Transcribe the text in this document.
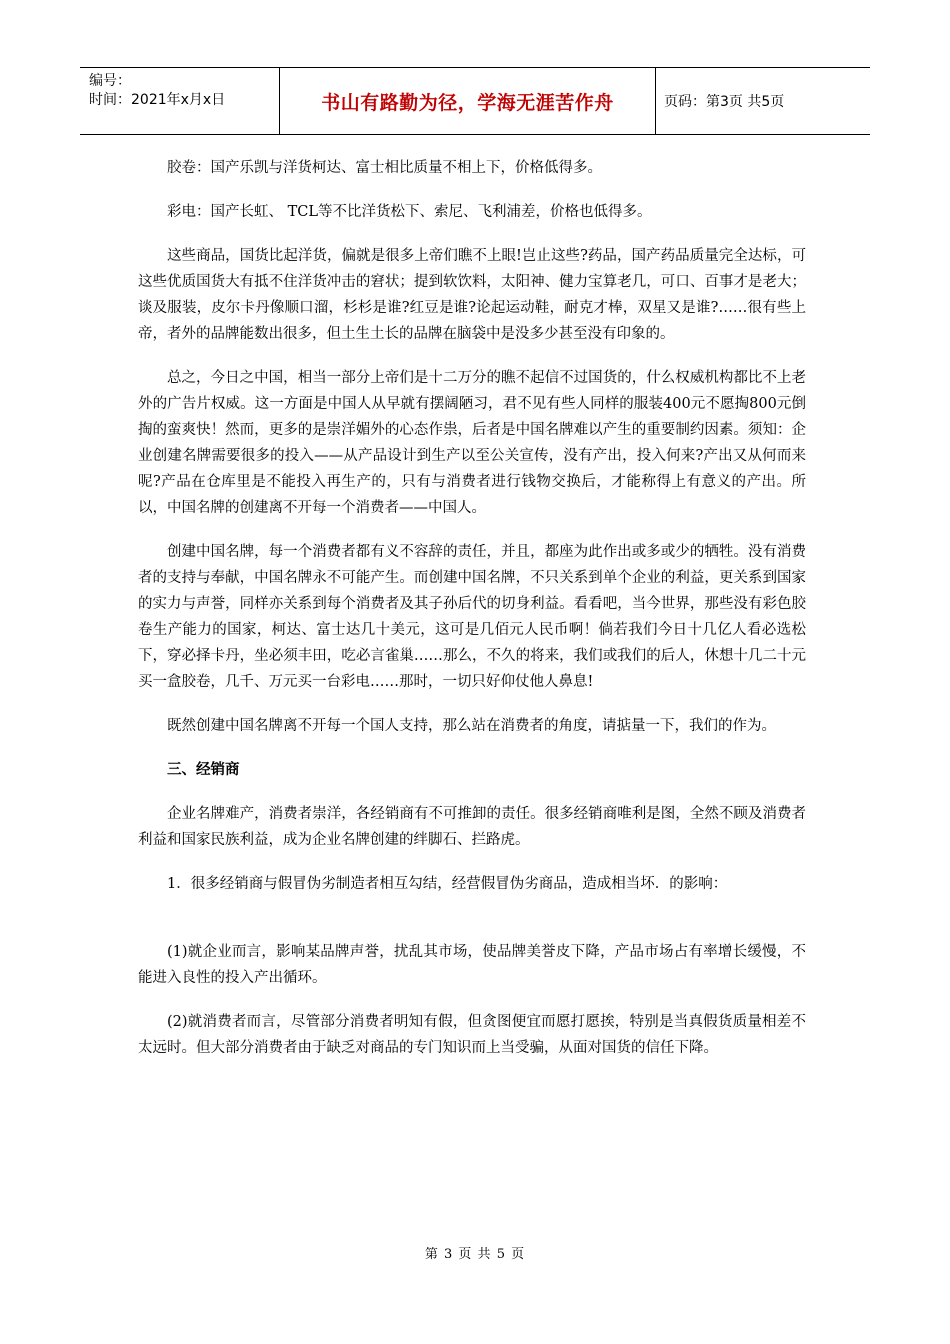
编号：
时间：2021年x月x日	书山有路勤为径，学海无涯苦作舟	页码：第3页 共5页

胶卷：国产乐凯与洋货柯达、富士相比质量不相上下，价格低得多。

彩电：国产长虹、 TCL等不比洋货松下、索尼、飞利浦差，价格也低得多。

这些商品，国货比起洋货，偏就是很多上帝们瞧不上眼!岂止这些?药品，国产药品质量完全达标，可这些优质国货大有抵不住洋货冲击的窘状；提到软饮料，太阳神、健力宝算老几，可口、百事才是老大；谈及服装，皮尔卡丹像顺口溜，杉杉是谁?红豆是谁?论起运动鞋，耐克才棒，双星又是谁?……很有些上帝，者外的品牌能数出很多，但土生土长的品牌在脑袋中是没多少甚至没有印象的。

总之，今日之中国，相当一部分上帝们是十二万分的瞧不起信不过国货的，什么权威机构都比不上老外的广告片权威。这一方面是中国人从早就有摆阔陋习，君不见有些人同样的服装400元不愿掏800元倒掏的蛮爽快！然而，更多的是崇洋媚外的心态作祟，后者是中国名牌难以产生的重要制约因素。须知：企业创建名牌需要很多的投入——从产品设计到生产以至公关宣传，没有产出，投入何来?产出又从何而来呢?产品在仓库里是不能投入再生产的，只有与消费者进行钱物交换后，才能称得上有意义的产出。所以，中国名牌的创建离不开每一个消费者——中国人。

创建中国名牌，每一个消费者都有义不容辞的责任，并且，都座为此作出或多或少的牺牲。没有消费者的支持与奉献，中国名牌永不可能产生。而创建中国名牌，不只关系到单个企业的利益，更关系到国家的实力与声誉，同样亦关系到每个消费者及其子孙后代的切身利益。看看吧，当今世界，那些没有彩色胶卷生产能力的国家，柯达、富士达几十美元，这可是几佰元人民币啊！倘若我们今日十几亿人看必选松下，穿必择卡丹，坐必须丰田，吃必言雀巢……那么，不久的将来，我们或我们的后人，休想十几二十元买一盒胶卷，几千、万元买一台彩电……那时，一切只好仰仗他人鼻息!

既然创建中国名牌离不开每一个国人支持，那么站在消费者的角度，请掂量一下，我们的作为。

三、经销商

企业名牌难产，消费者崇洋，各经销商有不可推卸的责任。很多经销商唯利是图，全然不顾及消费者利益和国家民族利益，成为企业名牌创建的绊脚石、拦路虎。

1．很多经销商与假冒伪劣制造者相互勾结，经营假冒伪劣商品，造成相当坏．的影响：

(1)就企业而言，影响某品牌声誉，扰乱其市场，使品牌美誉皮下降，产品市场占有率增长缓慢，不能进入良性的投入产出循环。

(2)就消费者而言，尽管部分消费者明知有假，但贪图便宜而愿打愿挨，特别是当真假货质量相差不太远时。但大部分消费者由于缺乏对商品的专门知识而上当受骗，从面对国货的信任下降。

第 3 页 共 5 页
